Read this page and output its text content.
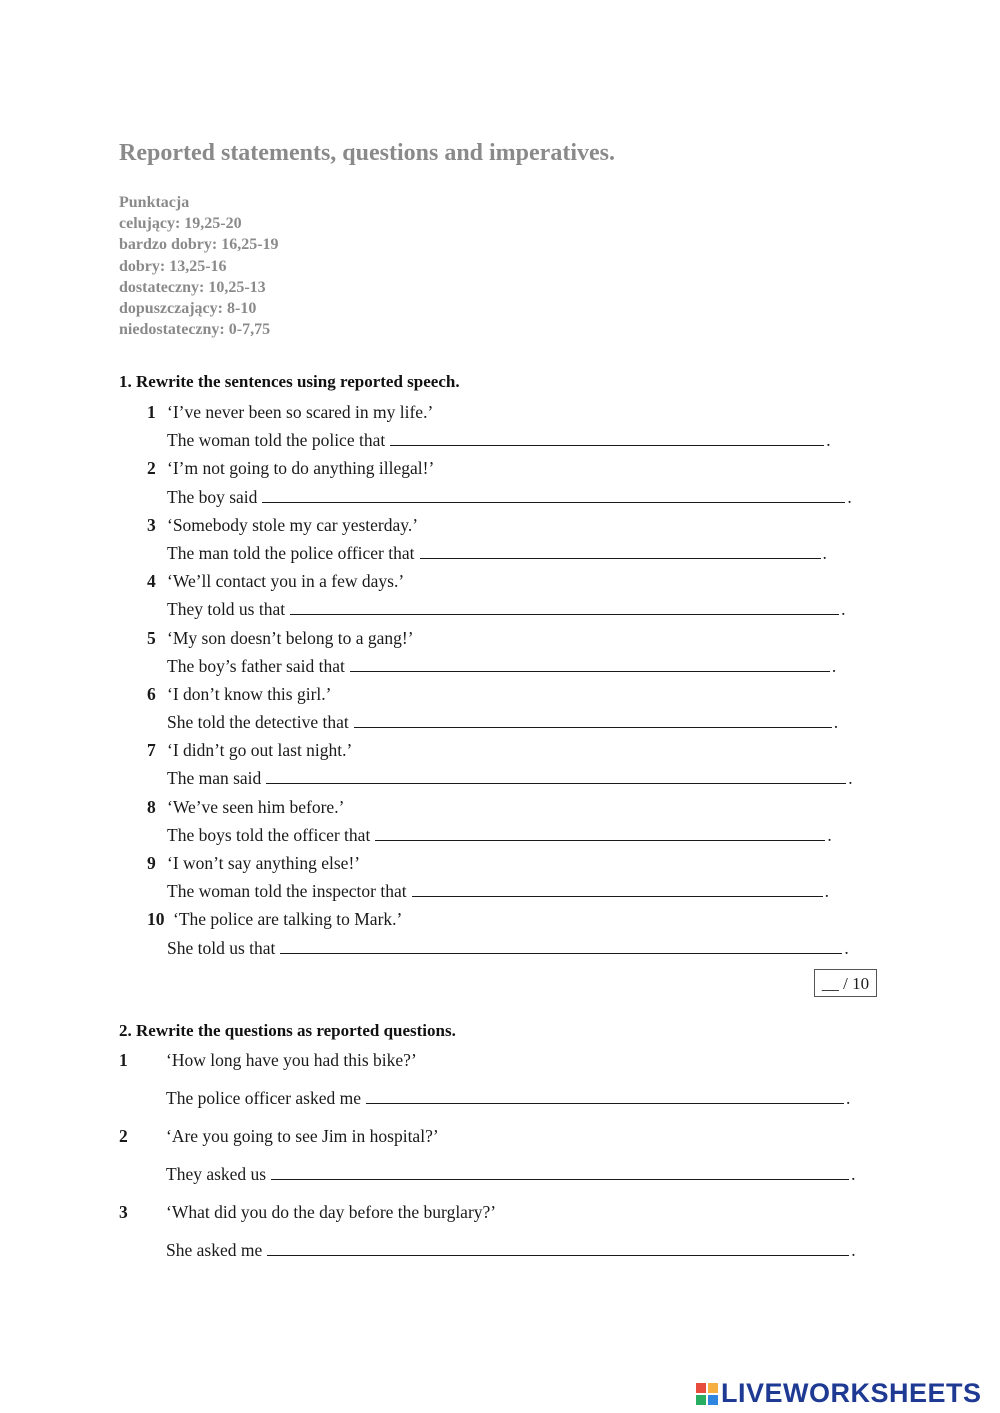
Reported statements, questions and imperatives.
Punktacja
celujący: 19,25-20
bardzo dobry: 16,25-19
dobry: 13,25-16
dostateczny: 10,25-13
dopuszczający: 8-10
niedostateczny: 0-7,75
1. Rewrite the sentences using reported speech.
1 ‘I’ve never been so scared in my life.’
The woman told the police that	.
2 ‘I’m not going to do anything illegal!’
The boy said	.
3 ‘Somebody stole my car yesterday.’
The man told the police officer that	.
4 ‘We’ll contact you in a few days.’
They told us that	.
5 ‘My son doesn’t belong to a gang!’
The boy’s father said that	.
6 ‘I don’t know this girl.’
She told the detective that	.
7 ‘I didn’t go out last night.’
The man said	.
8 ‘We’ve seen him before.’
The boys told the officer that	.
9 ‘I won’t say anything else!’
The woman told the inspector that	.
10 ‘The police are talking to Mark.’
She told us that	.
__ / 10
2. Rewrite the questions as reported questions.
1	‘How long have you had this bike?’
The police officer asked me	.
2	‘Are you going to see Jim in hospital?’
They asked us	.
3	‘What did you do the day before the burglary?’
She asked me	.
LIVEWORKSHEETS
